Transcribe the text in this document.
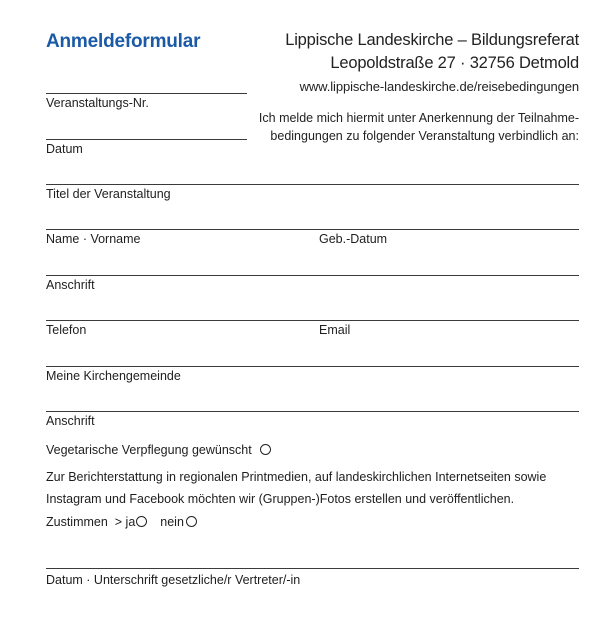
Anmeldeformular	Lippische Landeskirche – Bildungsreferat
Leopoldstraße 27 · 32756 Detmold
www.lippische-landeskirche.de/reisebedingungen
Ich melde mich hiermit unter Anerkennung der Teilnahme-
bedingungen zu folgender Veranstaltung verbindlich an:
Veranstaltungs-Nr.
Datum
Titel der Veranstaltung
Name · Vorname	Geb.-Datum
Anschrift
Telefon	Email
Meine Kirchengemeinde
Anschrift
Vegetarische Verpflegung gewünscht
Zur Berichterstattung in regionalen Printmedien, auf landeskirchlichen Internetseiten sowie
Instagram und Facebook möchten wir (Gruppen-)Fotos erstellen und veröffentlichen.
Zustimmen  > ja nein
Datum · Unterschrift gesetzliche/r Vertreter/-in
